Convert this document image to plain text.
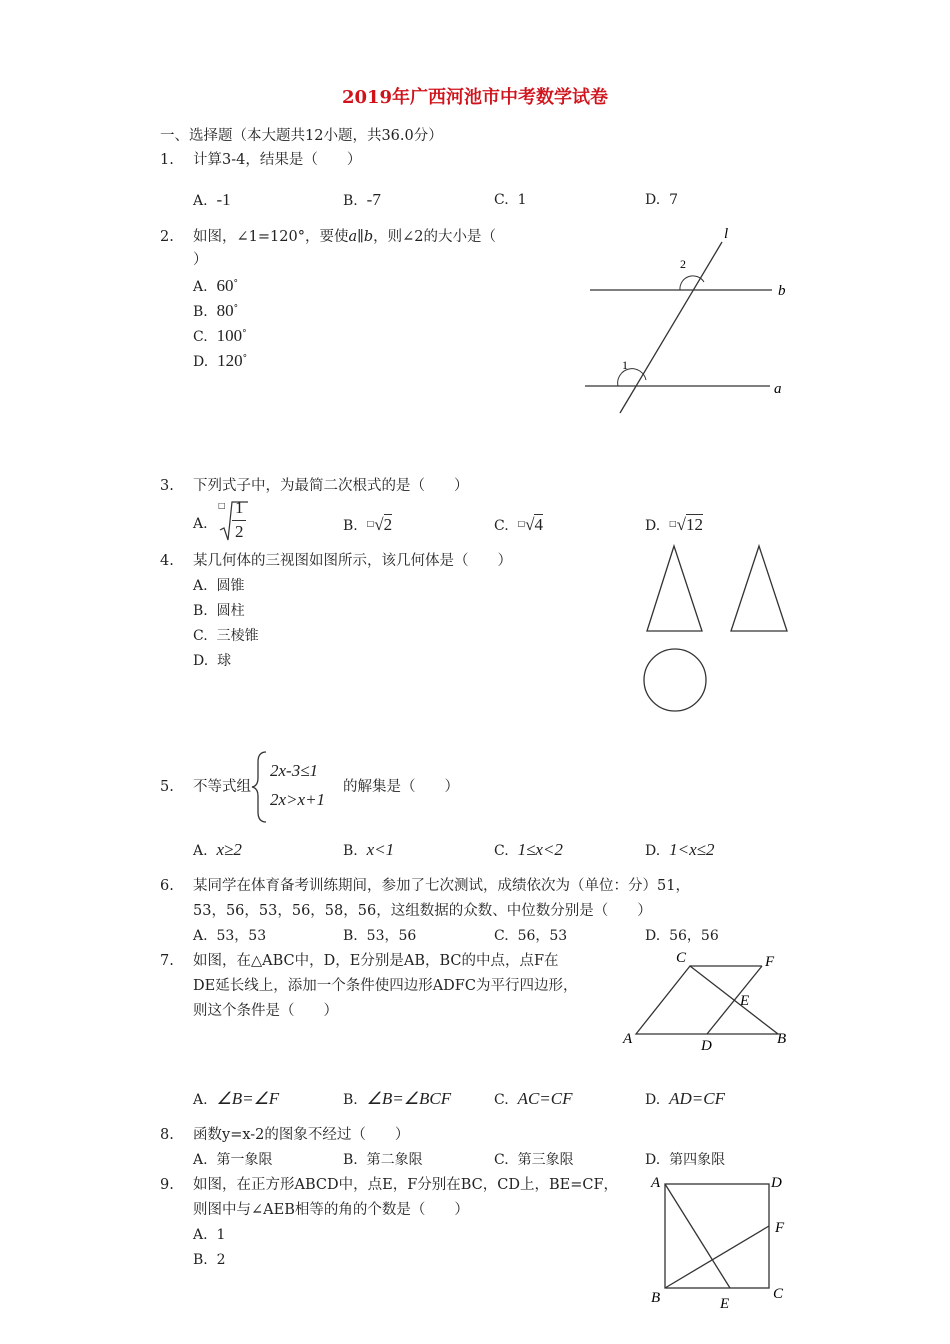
2019年广西河池市中考数学试卷
一、选择题（本大题共12小题，共36.0分）
1. 计算3-4，结果是（　　）
A. -1	B. -7	C. 1	D. 7
2. 如图，∠1=120°，要使a∥b，则∠2的大小是（
）
A. 60°
B. 80°
C. 100°
D. 120°
l
b
a
2
1
3. 下列式子中，为最简二次根式的是（　　）
A.
□ 1
2	B. □√2	C. □√4	D. □√12
4. 某几何体的三视图如图所示，该几何体是（　　）
A. 圆锥
B. 圆柱
C. 三棱锥
D. 球
5. 不等式组
2x-3≤1
2x>x+1
的解集是（　　）
A. x≥2	B. x<1	C. 1≤x<2	D. 1<x≤2
6. 某同学在体育备考训练期间，参加了七次测试，成绩依次为（单位：分）51，
53，56，53，56，58，56，这组数据的众数、中位数分别是（　　）
A. 53，53	B. 53，56	C. 56，53	D. 56，56
7. 如图，在△ABC中，D，E分别是AB，BC的中点，点F在
DE延长线上，添加一个条件使四边形ADFC为平行四边形，
则这个条件是（　　）
C	F
E
A	D	B
A. ∠B=∠F	B. ∠B=∠BCF	C. AC=CF	D. AD=CF
8. 函数y=x-2的图象不经过（　　）
A. 第一象限	B. 第二象限	C. 第三象限	D. 第四象限
9. 如图，在正方形ABCD中，点E，F分别在BC，CD上，BE=CF，
则图中与∠AEB相等的角的个数是（　　）
A. 1
B. 2
A	D
F
B	E
C
